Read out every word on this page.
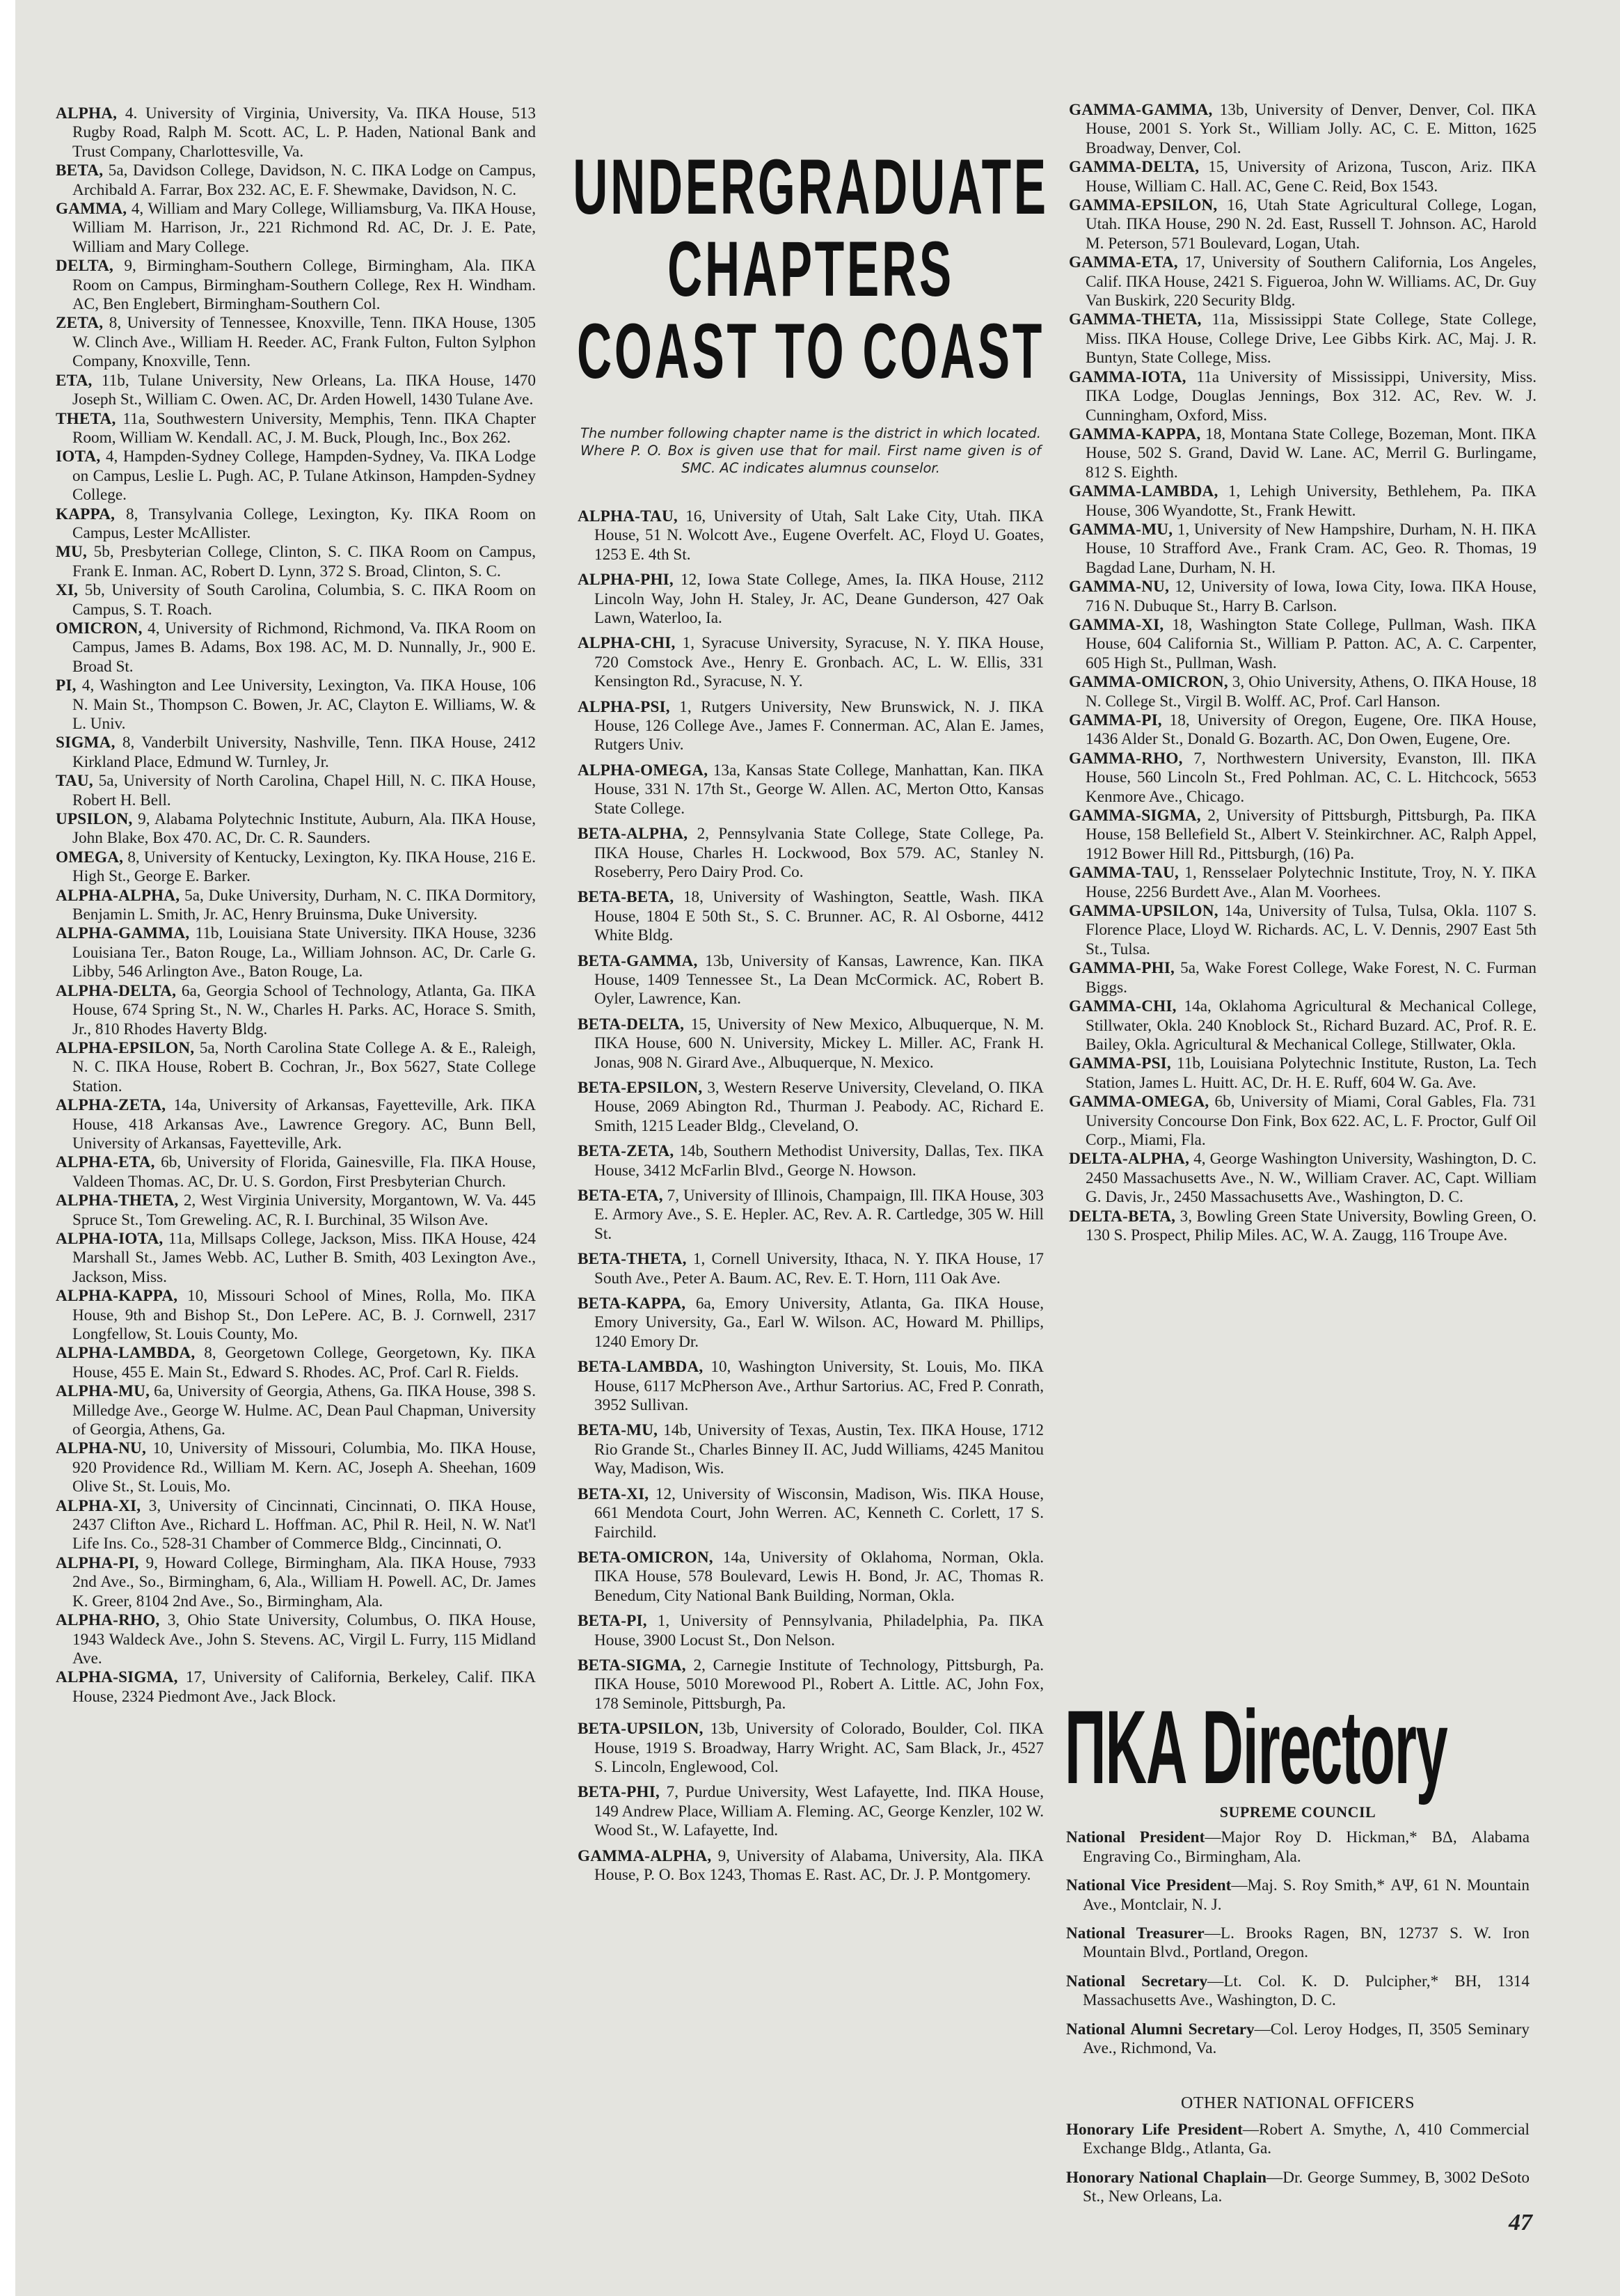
ALPHA, 4. University of Virginia, University, Va. ΠΚΑ House, 513 Rugby Road, Ralph M. Scott. AC, L. P. Haden, National Bank and Trust Company, Charlottesville, Va.

BETA, 5a, Davidson College, Davidson, N. C. ΠΚΑ Lodge on Campus, Archibald A. Farrar, Box 232. AC, E. F. Shewmake, Davidson, N. C.

GAMMA, 4, William and Mary College, Williamsburg, Va. ΠΚΑ House, William M. Harrison, Jr., 221 Richmond Rd. AC, Dr. J. E. Pate, William and Mary College.

DELTA, 9, Birmingham-Southern College, Birmingham, Ala. ΠΚΑ Room on Campus, Birmingham-Southern College, Rex H. Windham. AC, Ben Englebert, Birmingham-Southern Col.

ZETA, 8, University of Tennessee, Knoxville, Tenn. ΠΚΑ House, 1305 W. Clinch Ave., William H. Reeder. AC, Frank Fulton, Fulton Sylphon Company, Knoxville, Tenn.

ETA, 11b, Tulane University, New Orleans, La. ΠΚΑ House, 1470 Joseph St., William C. Owen. AC, Dr. Arden Howell, 1430 Tulane Ave.

THETA, 11a, Southwestern University, Memphis, Tenn. ΠΚΑ Chapter Room, William W. Kendall. AC, J. M. Buck, Plough, Inc., Box 262.

IOTA, 4, Hampden-Sydney College, Hampden-Sydney, Va. ΠΚΑ Lodge on Campus, Leslie L. Pugh. AC, P. Tulane Atkinson, Hampden-Sydney College.

KAPPA, 8, Transylvania College, Lexington, Ky. ΠΚΑ Room on Campus, Lester McAllister.

MU, 5b, Presbyterian College, Clinton, S. C. ΠΚΑ Room on Campus, Frank E. Inman. AC, Robert D. Lynn, 372 S. Broad, Clinton, S. C.

XI, 5b, University of South Carolina, Columbia, S. C. ΠΚΑ Room on Campus, S. T. Roach.

OMICRON, 4, University of Richmond, Richmond, Va. ΠΚΑ Room on Campus, James B. Adams, Box 198. AC, M. D. Nunnally, Jr., 900 E. Broad St.

PI, 4, Washington and Lee University, Lexington, Va. ΠΚΑ House, 106 N. Main St., Thompson C. Bowen, Jr. AC, Clayton E. Williams, W. & L. Univ.

SIGMA, 8, Vanderbilt University, Nashville, Tenn. ΠΚΑ House, 2412 Kirkland Place, Edmund W. Turnley, Jr.

TAU, 5a, University of North Carolina, Chapel Hill, N. C. ΠΚΑ House, Robert H. Bell.

UPSILON, 9, Alabama Polytechnic Institute, Auburn, Ala. ΠΚΑ House, John Blake, Box 470. AC, Dr. C. R. Saunders.

OMEGA, 8, University of Kentucky, Lexington, Ky. ΠΚΑ House, 216 E. High St., George E. Barker.

ALPHA-ALPHA, 5a, Duke University, Durham, N. C. ΠΚΑ Dormitory, Benjamin L. Smith, Jr. AC, Henry Bruinsma, Duke University.

ALPHA-GAMMA, 11b, Louisiana State University. ΠΚΑ House, 3236 Louisiana Ter., Baton Rouge, La., William Johnson. AC, Dr. Carle G. Libby, 546 Arlington Ave., Baton Rouge, La.

ALPHA-DELTA, 6a, Georgia School of Technology, Atlanta, Ga. ΠΚΑ House, 674 Spring St., N. W., Charles H. Parks. AC, Horace S. Smith, Jr., 810 Rhodes Haverty Bldg.

ALPHA-EPSILON, 5a, North Carolina State College A. & E., Raleigh, N. C. ΠΚΑ House, Robert B. Cochran, Jr., Box 5627, State College Station.

ALPHA-ZETA, 14a, University of Arkansas, Fayetteville, Ark. ΠΚΑ House, 418 Arkansas Ave., Lawrence Gregory. AC, Bunn Bell, University of Arkansas, Fayetteville, Ark.

ALPHA-ETA, 6b, University of Florida, Gainesville, Fla. ΠΚΑ House, Valdeen Thomas. AC, Dr. U. S. Gordon, First Presbyterian Church.

ALPHA-THETA, 2, West Virginia University, Morgantown, W. Va. 445 Spruce St., Tom Greweling. AC, R. I. Burchinal, 35 Wilson Ave.

ALPHA-IOTA, 11a, Millsaps College, Jackson, Miss. ΠΚΑ House, 424 Marshall St., James Webb. AC, Luther B. Smith, 403 Lexington Ave., Jackson, Miss.

ALPHA-KAPPA, 10, Missouri School of Mines, Rolla, Mo. ΠΚΑ House, 9th and Bishop St., Don LePere. AC, B. J. Cornwell, 2317 Longfellow, St. Louis County, Mo.

ALPHA-LAMBDA, 8, Georgetown College, Georgetown, Ky. ΠΚΑ House, 455 E. Main St., Edward S. Rhodes. AC, Prof. Carl R. Fields.

ALPHA-MU, 6a, University of Georgia, Athens, Ga. ΠΚΑ House, 398 S. Milledge Ave., George W. Hulme. AC, Dean Paul Chapman, University of Georgia, Athens, Ga.

ALPHA-NU, 10, University of Missouri, Columbia, Mo. ΠΚΑ House, 920 Providence Rd., William M. Kern. AC, Joseph A. Sheehan, 1609 Olive St., St. Louis, Mo.

ALPHA-XI, 3, University of Cincinnati, Cincinnati, O. ΠΚΑ House, 2437 Clifton Ave., Richard L. Hoffman. AC, Phil R. Heil, N. W. Nat'l Life Ins. Co., 528-31 Chamber of Commerce Bldg., Cincinnati, O.

ALPHA-PI, 9, Howard College, Birmingham, Ala. ΠΚΑ House, 7933 2nd Ave., So., Birmingham, 6, Ala., William H. Powell. AC, Dr. James K. Greer, 8104 2nd Ave., So., Birmingham, Ala.

ALPHA-RHO, 3, Ohio State University, Columbus, O. ΠΚΑ House, 1943 Waldeck Ave., John S. Stevens. AC, Virgil L. Furry, 115 Midland Ave.

ALPHA-SIGMA, 17, University of California, Berkeley, Calif. ΠΚΑ House, 2324 Piedmont Ave., Jack Block.

UNDERGRADUATE
CHAPTERS
COAST TO COAST

The number following chapter name is the district in which located. Where P. O. Box is given use that for mail. First name given is of SMC. AC indicates alumnus counselor.

ALPHA-TAU, 16, University of Utah, Salt Lake City, Utah. ΠΚΑ House, 51 N. Wolcott Ave., Eugene Overfelt. AC, Floyd U. Goates, 1253 E. 4th St.

ALPHA-PHI, 12, Iowa State College, Ames, Ia. ΠΚΑ House, 2112 Lincoln Way, John H. Staley, Jr. AC, Deane Gunderson, 427 Oak Lawn, Waterloo, Ia.

ALPHA-CHI, 1, Syracuse University, Syracuse, N. Y. ΠΚΑ House, 720 Comstock Ave., Henry E. Gronbach. AC, L. W. Ellis, 331 Kensington Rd., Syracuse, N. Y.

ALPHA-PSI, 1, Rutgers University, New Brunswick, N. J. ΠΚΑ House, 126 College Ave., James F. Connerman. AC, Alan E. James, Rutgers Univ.

ALPHA-OMEGA, 13a, Kansas State College, Manhattan, Kan. ΠΚΑ House, 331 N. 17th St., George W. Allen. AC, Merton Otto, Kansas State College.

BETA-ALPHA, 2, Pennsylvania State College, State College, Pa. ΠΚΑ House, Charles H. Lockwood, Box 579. AC, Stanley N. Roseberry, Pero Dairy Prod. Co.

BETA-BETA, 18, University of Washington, Seattle, Wash. ΠΚΑ House, 1804 E 50th St., S. C. Brunner. AC, R. Al Osborne, 4412 White Bldg.

BETA-GAMMA, 13b, University of Kansas, Lawrence, Kan. ΠΚΑ House, 1409 Tennessee St., La Dean McCormick. AC, Robert B. Oyler, Lawrence, Kan.

BETA-DELTA, 15, University of New Mexico, Albuquerque, N. M. ΠΚΑ House, 600 N. University, Mickey L. Miller. AC, Frank H. Jonas, 908 N. Girard Ave., Albuquerque, N. Mexico.

BETA-EPSILON, 3, Western Reserve University, Cleveland, O. ΠΚΑ House, 2069 Abington Rd., Thurman J. Peabody. AC, Richard E. Smith, 1215 Leader Bldg., Cleveland, O.

BETA-ZETA, 14b, Southern Methodist University, Dallas, Tex. ΠΚΑ House, 3412 McFarlin Blvd., George N. Howson.

BETA-ETA, 7, University of Illinois, Champaign, Ill. ΠΚΑ House, 303 E. Armory Ave., S. E. Hepler. AC, Rev. A. R. Cartledge, 305 W. Hill St.

BETA-THETA, 1, Cornell University, Ithaca, N. Y. ΠΚΑ House, 17 South Ave., Peter A. Baum. AC, Rev. E. T. Horn, 111 Oak Ave.

BETA-KAPPA, 6a, Emory University, Atlanta, Ga. ΠΚΑ House, Emory University, Ga., Earl W. Wilson. AC, Howard M. Phillips, 1240 Emory Dr.

BETA-LAMBDA, 10, Washington University, St. Louis, Mo. ΠΚΑ House, 6117 McPherson Ave., Arthur Sartorius. AC, Fred P. Conrath, 3952 Sullivan.

BETA-MU, 14b, University of Texas, Austin, Tex. ΠΚΑ House, 1712 Rio Grande St., Charles Binney II. AC, Judd Williams, 4245 Manitou Way, Madison, Wis.

BETA-XI, 12, University of Wisconsin, Madison, Wis. ΠΚΑ House, 661 Mendota Court, John Werren. AC, Kenneth C. Corlett, 17 S. Fairchild.

BETA-OMICRON, 14a, University of Oklahoma, Norman, Okla. ΠΚΑ House, 578 Boulevard, Lewis H. Bond, Jr. AC, Thomas R. Benedum, City National Bank Building, Norman, Okla.

BETA-PI, 1, University of Pennsylvania, Philadelphia, Pa. ΠΚΑ House, 3900 Locust St., Don Nelson.

BETA-SIGMA, 2, Carnegie Institute of Technology, Pittsburgh, Pa. ΠΚΑ House, 5010 Morewood Pl., Robert A. Little. AC, John Fox, 178 Seminole, Pittsburgh, Pa.

BETA-UPSILON, 13b, University of Colorado, Boulder, Col. ΠΚΑ House, 1919 S. Broadway, Harry Wright. AC, Sam Black, Jr., 4527 S. Lincoln, Englewood, Col.

BETA-PHI, 7, Purdue University, West Lafayette, Ind. ΠΚΑ House, 149 Andrew Place, William A. Fleming. AC, George Kenzler, 102 W. Wood St., W. Lafayette, Ind.

GAMMA-ALPHA, 9, University of Alabama, University, Ala. ΠΚΑ House, P. O. Box 1243, Thomas E. Rast. AC, Dr. J. P. Montgomery.

GAMMA-GAMMA, 13b, University of Denver, Denver, Col. ΠΚΑ House, 2001 S. York St., William Jolly. AC, C. E. Mitton, 1625 Broadway, Denver, Col.

GAMMA-DELTA, 15, University of Arizona, Tuscon, Ariz. ΠΚΑ House, William C. Hall. AC, Gene C. Reid, Box 1543.

GAMMA-EPSILON, 16, Utah State Agricultural College, Logan, Utah. ΠΚΑ House, 290 N. 2d. East, Russell T. Johnson. AC, Harold M. Peterson, 571 Boulevard, Logan, Utah.

GAMMA-ETA, 17, University of Southern California, Los Angeles, Calif. ΠΚΑ House, 2421 S. Figueroa, John W. Williams. AC, Dr. Guy Van Buskirk, 220 Security Bldg.

GAMMA-THETA, 11a, Mississippi State College, State College, Miss. ΠΚΑ House, College Drive, Lee Gibbs Kirk. AC, Maj. J. R. Buntyn, State College, Miss.

GAMMA-IOTA, 11a University of Mississippi, University, Miss. ΠΚΑ Lodge, Douglas Jennings, Box 312. AC, Rev. W. J. Cunningham, Oxford, Miss.

GAMMA-KAPPA, 18, Montana State College, Bozeman, Mont. ΠΚΑ House, 502 S. Grand, David W. Lane. AC, Merril G. Burlingame, 812 S. Eighth.

GAMMA-LAMBDA, 1, Lehigh University, Bethlehem, Pa. ΠΚΑ House, 306 Wyandotte, St., Frank Hewitt.

GAMMA-MU, 1, University of New Hampshire, Durham, N. H. ΠΚΑ House, 10 Strafford Ave., Frank Cram. AC, Geo. R. Thomas, 19 Bagdad Lane, Durham, N. H.

GAMMA-NU, 12, University of Iowa, Iowa City, Iowa. ΠΚΑ House, 716 N. Dubuque St., Harry B. Carlson.

GAMMA-XI, 18, Washington State College, Pullman, Wash. ΠΚΑ House, 604 California St., William P. Patton. AC, A. C. Carpenter, 605 High St., Pullman, Wash.

GAMMA-OMICRON, 3, Ohio University, Athens, O. ΠΚΑ House, 18 N. College St., Virgil B. Wolff. AC, Prof. Carl Hanson.

GAMMA-PI, 18, University of Oregon, Eugene, Ore. ΠΚΑ House, 1436 Alder St., Donald G. Bozarth. AC, Don Owen, Eugene, Ore.

GAMMA-RHO, 7, Northwestern University, Evanston, Ill. ΠΚΑ House, 560 Lincoln St., Fred Pohlman. AC, C. L. Hitchcock, 5653 Kenmore Ave., Chicago.

GAMMA-SIGMA, 2, University of Pittsburgh, Pittsburgh, Pa. ΠΚΑ House, 158 Bellefield St., Albert V. Steinkirchner. AC, Ralph Appel, 1912 Bower Hill Rd., Pittsburgh, (16) Pa.

GAMMA-TAU, 1, Rensselaer Polytechnic Institute, Troy, N. Y. ΠΚΑ House, 2256 Burdett Ave., Alan M. Voorhees.

GAMMA-UPSILON, 14a, University of Tulsa, Tulsa, Okla. 1107 S. Florence Place, Lloyd W. Richards. AC, L. V. Dennis, 2907 East 5th St., Tulsa.

GAMMA-PHI, 5a, Wake Forest College, Wake Forest, N. C. Furman Biggs.

GAMMA-CHI, 14a, Oklahoma Agricultural & Mechanical College, Stillwater, Okla. 240 Knoblock St., Richard Buzard. AC, Prof. R. E. Bailey, Okla. Agricultural & Mechanical College, Stillwater, Okla.

GAMMA-PSI, 11b, Louisiana Polytechnic Institute, Ruston, La. Tech Station, James L. Huitt. AC, Dr. H. E. Ruff, 604 W. Ga. Ave.

GAMMA-OMEGA, 6b, University of Miami, Coral Gables, Fla. 731 University Concourse Don Fink, Box 622. AC, L. F. Proctor, Gulf Oil Corp., Miami, Fla.

DELTA-ALPHA, 4, George Washington University, Washington, D. C. 2450 Massachusetts Ave., N. W., William Craver. AC, Capt. William G. Davis, Jr., 2450 Massachusetts Ave., Washington, D. C.

DELTA-BETA, 3, Bowling Green State University, Bowling Green, O. 130 S. Prospect, Philip Miles. AC, W. A. Zaugg, 116 Troupe Ave.

ΠΚΑ Directory

SUPREME COUNCIL

National President—Major Roy D. Hickman,* ΒΔ, Alabama Engraving Co., Birmingham, Ala.

National Vice President—Maj. S. Roy Smith,* ΑΨ, 61 N. Mountain Ave., Montclair, N. J.

National Treasurer—L. Brooks Ragen, ΒΝ, 12737 S. W. Iron Mountain Blvd., Portland, Oregon.

National Secretary—Lt. Col. K. D. Pulcipher,* ΒΗ, 1314 Massachusetts Ave., Washington, D. C.

National Alumni Secretary—Col. Leroy Hodges, Π, 3505 Seminary Ave., Richmond, Va.

OTHER NATIONAL OFFICERS

Honorary Life President—Robert A. Smythe, Λ, 410 Commercial Exchange Bldg., Atlanta, Ga.

Honorary National Chaplain—Dr. George Summey, Β, 3002 DeSoto St., New Orleans, La.

47
